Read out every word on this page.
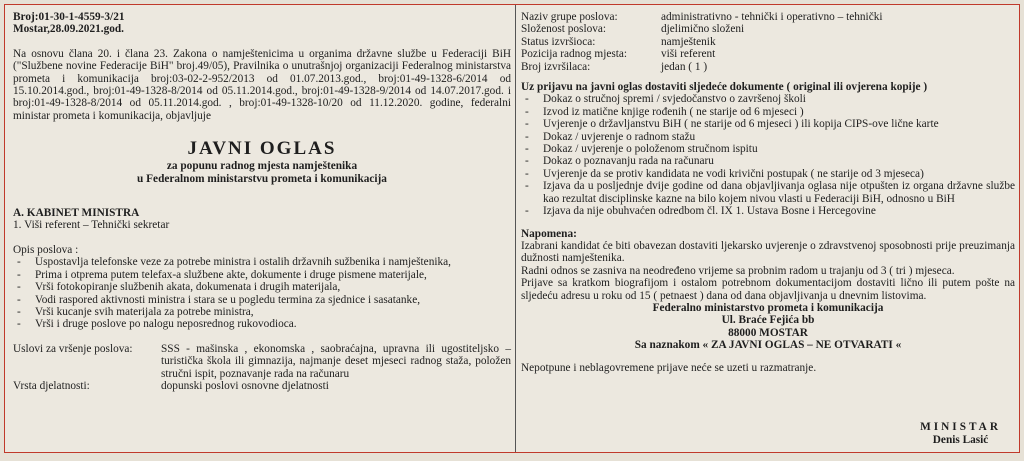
Broj:01-30-1-4559-3/21
Mostar,28.09.2021.god.
Na osnovu člana 20. i člana 23. Zakona o namještenicima u organima državne službe u Federaciji BiH ("Službene novine Federacije BiH" broj.49/05), Pravilnika o unutrašnjoj organizaciji Federalnog ministarstva prometa i komunikacija broj:03-02-2-952/2013 od 01.07.2013.god., broj:01-49-1328-6/2014 od 15.10.2014.god., broj:01-49-1328-8/2014 od 05.11.2014.god., broj:01-49-1328-9/2014 od 14.07.2017.god. i broj:01-49-1328-8/2014 od 05.11.2014.god. , broj:01-49-1328-10/20 od 11.12.2020. godine, federalni ministar prometa i komunikacija, objavljuje
JAVNI OGLAS
za popunu radnog mjesta namještenika
u Federalnom ministarstvu prometa i komunikacija
A. KABINET MINISTRA
1. Viši referent – Tehnički sekretar
Opis poslova :
- Uspostavlja telefonske veze za potrebe ministra i ostalih državnih sužbenika i namještenika,
- Prima i otprema putem telefax-a službene akte, dokumente i druge pismene materijale,
- Vrši fotokopiranje službenih akata, dokumenata i drugih materijala,
- Vodi raspored aktivnosti ministra i stara se u pogledu termina za sjednice i sasatanke,
- Vrši kucanje svih materijala za potrebe ministra,
- Vrši i druge poslove po nalogu neposrednog rukovodioca.
Uslovi za vršenje poslova:	SSS - mašinska , ekonomska , saobraćajna, upravna ili ugostiteljsko – turistička škola ili gimnazija, najmanje deset mjeseci radnog staža, položen stručni ispit, poznavanje rada na računaru
Vrsta djelatnosti:	dopunski poslovi osnovne djelatnosti
Naziv grupe poslova:	administrativno - tehnički i operativno – tehnički
Složenost poslova:	djelimično složeni
Status izvršioca:	namještenik
Pozicija radnog mjesta:	viši referent
Broj izvršilaca:	jedan ( 1 )
Uz prijavu na javni oglas dostaviti sljedeće dokumente ( original ili ovjerena kopije )
- Dokaz o stručnoj spremi / svjedočanstvo o završenoj školi
- Izvod iz matične knjige rođenih ( ne starije od 6 mjeseci )
- Uvjerenje o državljanstvu BiH ( ne starije od 6 mjeseci ) ili kopija CIPS-ove lične karte
- Dokaz / uvjerenje o radnom stažu
- Dokaz / uvjerenje o položenom stručnom ispitu
- Dokaz o poznavanju rada na računaru
- Uvjerenje da se protiv kandidata ne vodi krivični postupak ( ne starije od 3 mjeseca)
- Izjava da u posljednje dvije godine od dana objavljivanja oglasa nije otpušten iz organa državne službe kao rezultat disciplinske kazne na bilo kojem nivou vlasti u Federaciji BiH, odnosno u BiH
- Izjava da nije obuhvaćen odredbom čl. IX 1. Ustava Bosne i Hercegovine
Napomena:
Izabrani kandidat će biti obavezan dostaviti ljekarsko uvjerenje o zdravstvenoj sposobnosti prije preuzimanja dužnosti namještenika.
Radni odnos se zasniva na neodređeno vrijeme sa probnim radom u trajanju od 3 ( tri ) mjeseca.
Prijave sa kratkom biografijom i ostalom potrebnom dokumentacijom dostaviti lično ili putem pošte na sljedeću adresu u roku od 15 ( petnaest ) dana od dana objavljivanja u dnevnim listovima.
Federalno ministarstvo prometa i komunikacija
Ul. Braće Fejića bb
88000 MOSTAR
Sa naznakom « ZA JAVNI OGLAS – NE OTVARATI «
Nepotpune i neblagovremene prijave neće se uzeti u razmatranje.
MINISTAR
Denis Lasić
